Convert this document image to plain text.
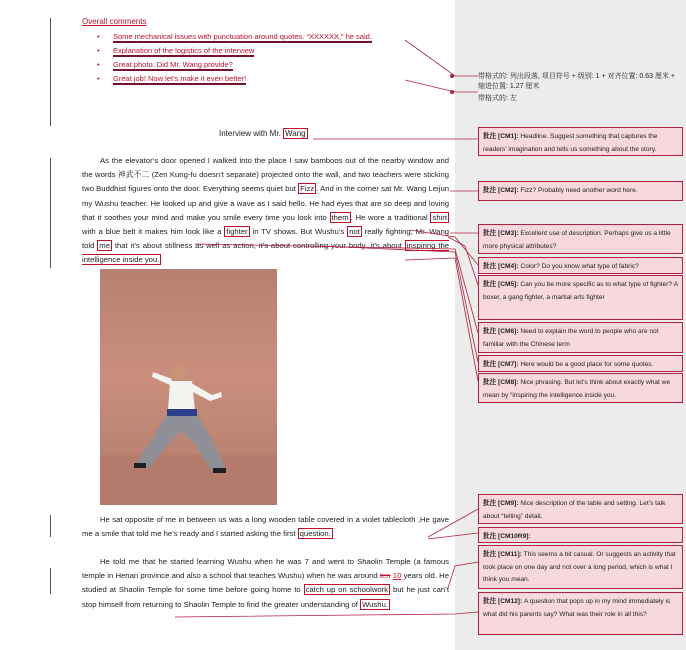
Overall comments
• Some mechanical issues with punctuation around quotes. “XXXXXX,” he said.
• Explanation of the logistics of the interview
• Great photo. Did Mr. Wang provide?
• Great job! Now let’s make it even better!
Interview with Mr. Wang
As the elevator’s door opened I walked into the place I saw bamboos out of the nearby window and the words 神武不二 (Zen Kung-fu doesn’t separate) projected onto the wall, and two teachers were sticking two Buddhist figures onto the door. Everything seems quiet but Fizz . And in the corner sat Mr. Wang Leijun my Wushu teacher. He looked up and give a wave as I said hello. He had eyes that are so deep and loving that it soothes your mind and make you smile every time you look into them . He wore a traditional shirt with a blue belt it makes him look like a fighter in TV shows. But Wushu’s not really fighting, Mr. Wang told me that it’s about stillness as well as action, it’s about controlling your body ,it’s about inspiring the intelligence inside you.
He sat opposite of me in between us was a long wooden table covered in a violet tablecloth ,He gave me a smile that told me he’s ready and I started asking the first question.
He told me that he started learning Wushu when he was 7 and went to Shaolin Temple (a famous temple in Henan province and also a school that teaches Wushu) when he was around ten 10 years old. He studied at Shaolin Temple for some time before going home to catch up on schoolwork but he just can’t stop himself from returning to Shaolin Temple to find the greater understanding of Wushu.
带格式的: 列出段落, 项目符号 + 级别: 1 + 对齐位置: 0.63 厘米 + 缩进位置: 1.27 厘米
带格式的: 左
批注 [CM1]: Headline. Suggest something that captures the readers’ imagination and tells us something about the story.
批注 [CM2]: Fizz? Probably need another word here.
批注 [CM3]: Excellent use of description. Perhaps give us a little more physical attributes?
批注 [CM4]: Color? Do you know what type of fabric?
批注 [CM5]: Can you be more specific as to what type of fighter? A boxer, a gang fighter, a martial arts fighter
批注 [CM6]: Need to explain the word to people who are not familiar with the Chinese term
批注 [CM7]: Here would be a good place for some quotes.
批注 [CM8]: Nice phrasing. But let’s think about exactly what we mean by “inspiring the intelligence inside you.
批注 [CM9]: Nice description of the table and setting. Let’s talk about “telling” detail.
批注 [CM10R9]:
批注 [CM11]: This seems a bit casual. Or suggests an activity that took place on one day and not over a long period, which is what I think you mean.
批注 [CM12]: A question that pops up in my mind immediately is what did his parents say? What was their role in all this?
